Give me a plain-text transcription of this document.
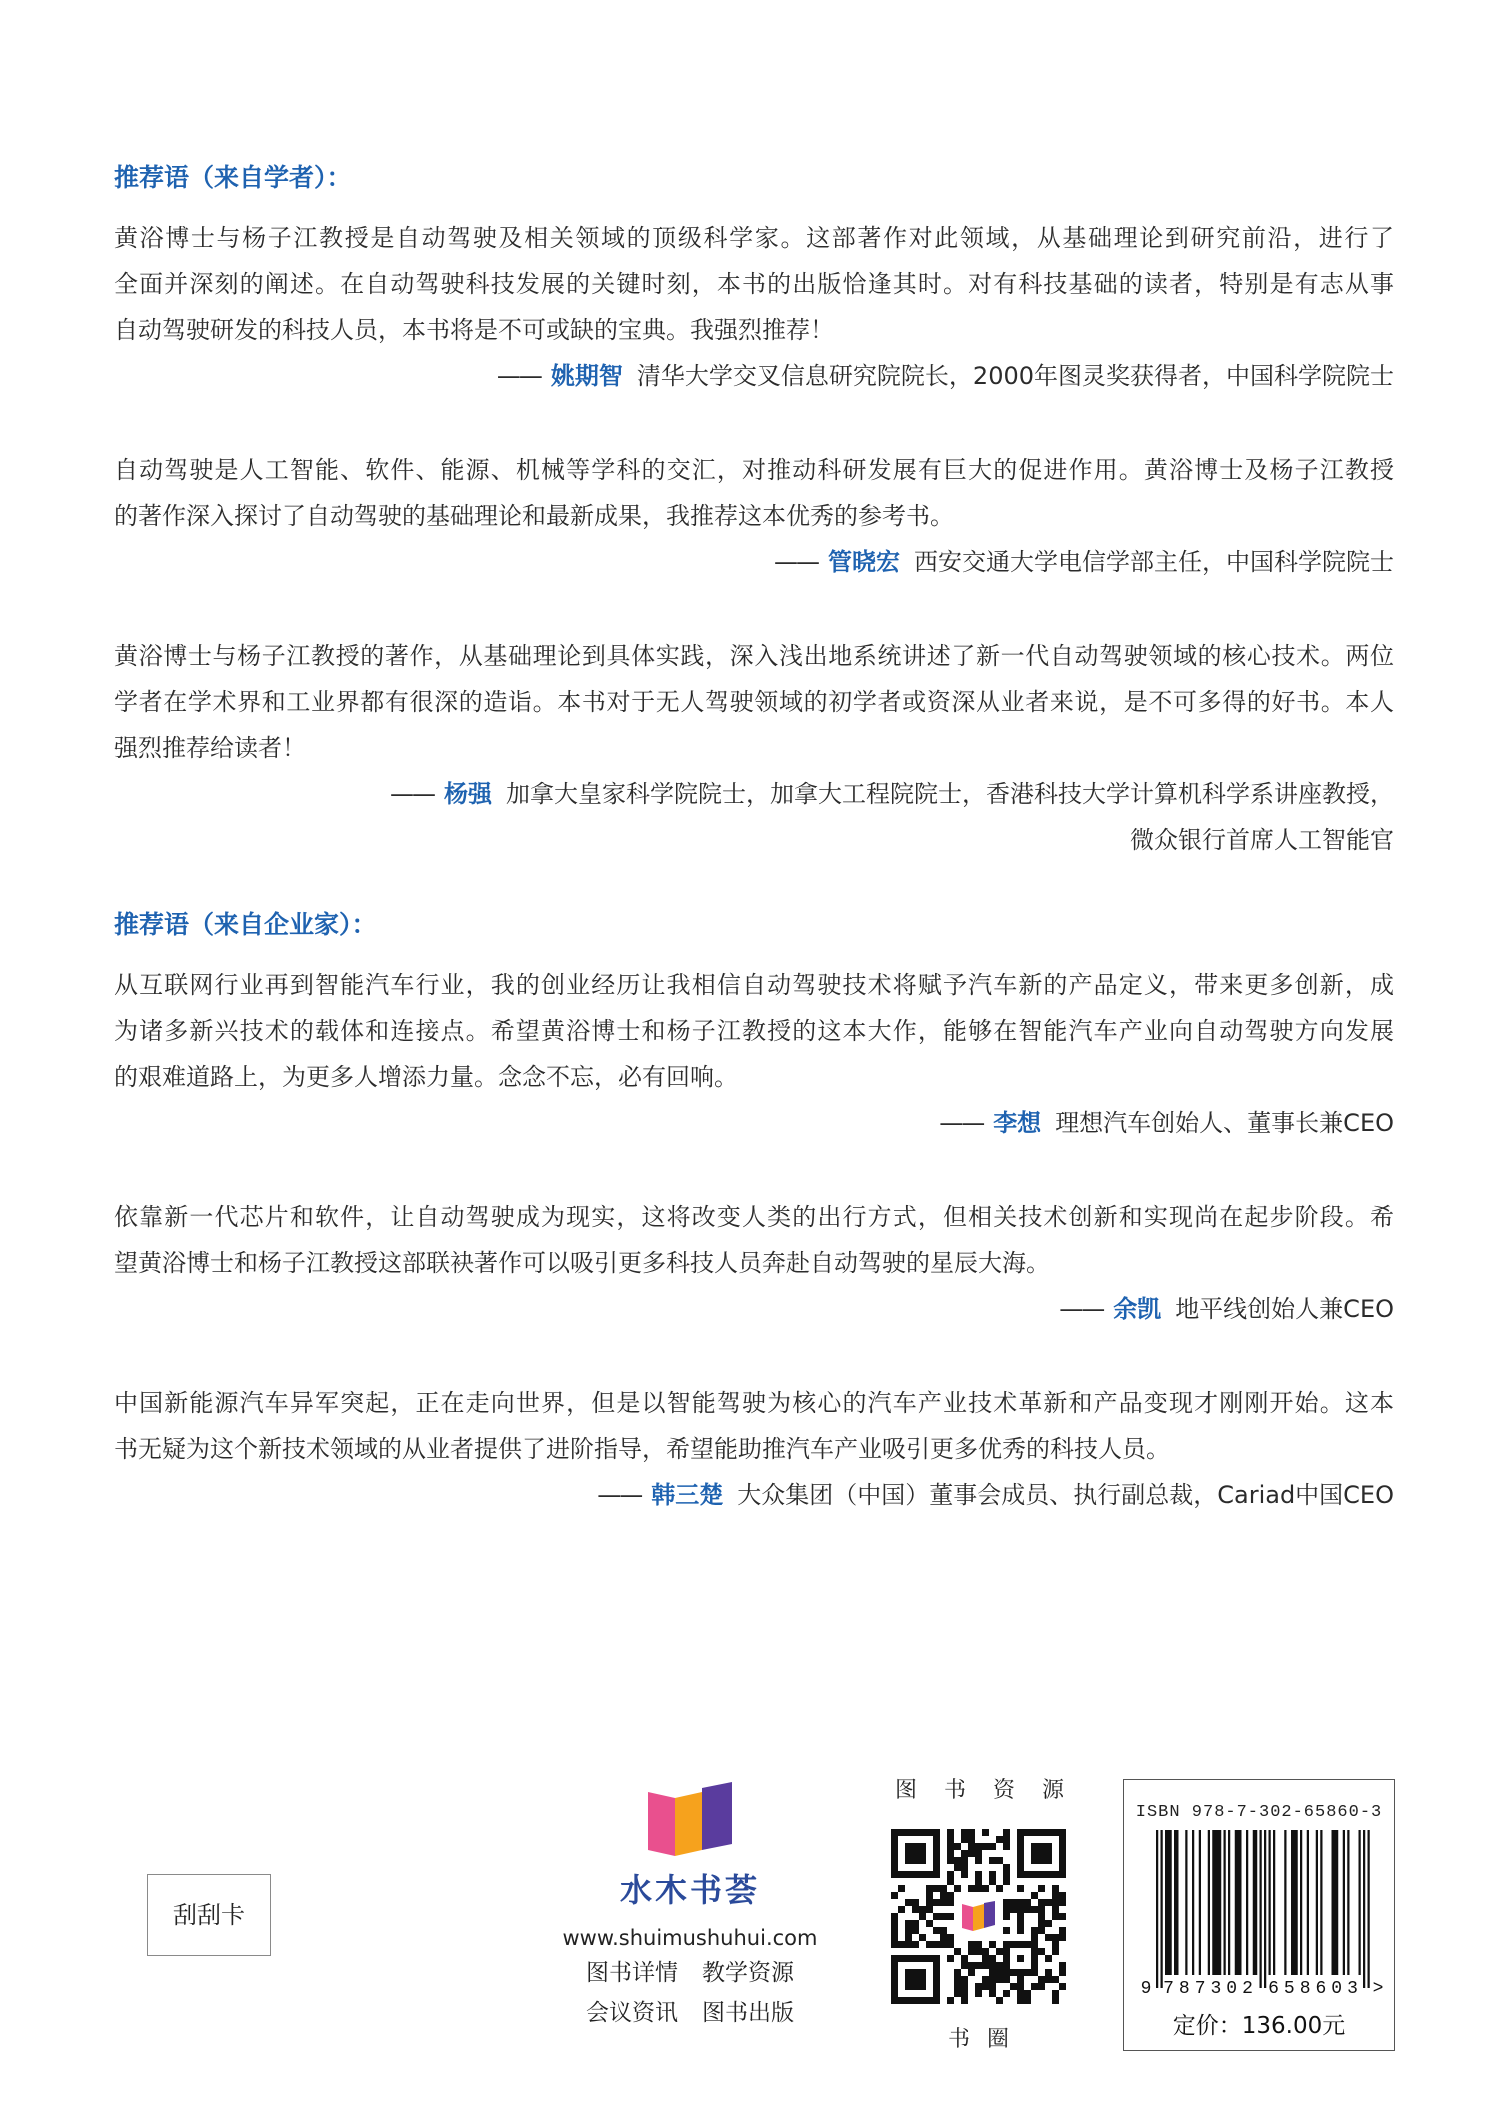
推荐语（来自学者）：
黄浴博士与杨子江教授是自动驾驶及相关领域的顶级科学家。这部著作对此领域，从基础理论到研究前沿，进行了
全面并深刻的阐述。在自动驾驶科技发展的关键时刻，本书的出版恰逢其时。对有科技基础的读者，特别是有志从事
自动驾驶研发的科技人员，本书将是不可或缺的宝典。我强烈推荐！
—— 姚期智 清华大学交叉信息研究院院长，2000年图灵奖获得者，中国科学院院士
自动驾驶是人工智能、软件、能源、机械等学科的交汇，对推动科研发展有巨大的促进作用。黄浴博士及杨子江教授
的著作深入探讨了自动驾驶的基础理论和最新成果，我推荐这本优秀的参考书。
—— 管晓宏 西安交通大学电信学部主任，中国科学院院士
黄浴博士与杨子江教授的著作，从基础理论到具体实践，深入浅出地系统讲述了新一代自动驾驶领域的核心技术。两位
学者在学术界和工业界都有很深的造诣。本书对于无人驾驶领域的初学者或资深从业者来说，是不可多得的好书。本人
强烈推荐给读者！
—— 杨强 加拿大皇家科学院院士，加拿大工程院院士，香港科技大学计算机科学系讲座教授，
微众银行首席人工智能官
推荐语（来自企业家）：
从互联网行业再到智能汽车行业，我的创业经历让我相信自动驾驶技术将赋予汽车新的产品定义，带来更多创新，成
为诸多新兴技术的载体和连接点。希望黄浴博士和杨子江教授的这本大作，能够在智能汽车产业向自动驾驶方向发展
的艰难道路上，为更多人增添力量。念念不忘，必有回响。
—— 李想 理想汽车创始人、董事长兼CEO
依靠新一代芯片和软件，让自动驾驶成为现实，这将改变人类的出行方式，但相关技术创新和实现尚在起步阶段。希
望黄浴博士和杨子江教授这部联袂著作可以吸引更多科技人员奔赴自动驾驶的星辰大海。
—— 余凯 地平线创始人兼CEO
中国新能源汽车异军突起，正在走向世界，但是以智能驾驶为核心的汽车产业技术革新和产品变现才刚刚开始。这本
书无疑为这个新技术领域的从业者提供了进阶指导，希望能助推汽车产业吸引更多优秀的科技人员。
—— 韩三楚 大众集团（中国）董事会成员、执行副总裁，Cariad中国CEO
刮刮卡
水木书荟
www.shuimushuhui.com
图书详情 教学资源
会议资讯 图书出版
图书资源
书圈
ISBN 978-7-302-65860-3
9 787302 658603 >
定价：136.00元
